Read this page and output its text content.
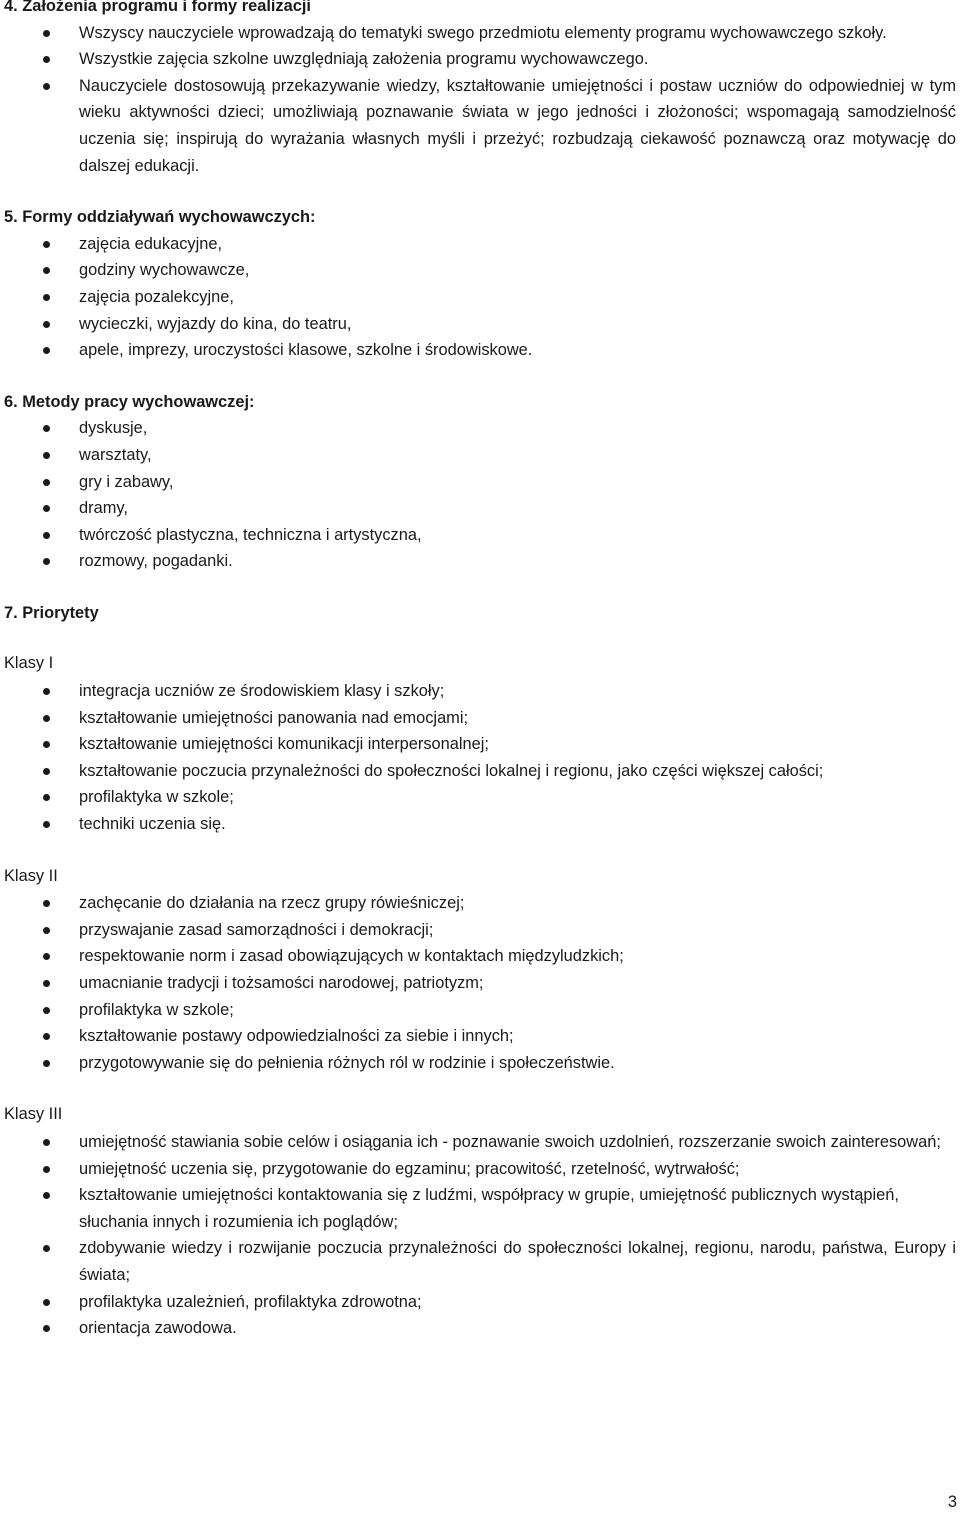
4. Założenia programu i formy realizacji
Wszyscy nauczyciele wprowadzają do tematyki swego przedmiotu elementy programu wychowawczego szkoły.
Wszystkie zajęcia szkolne uwzględniają założenia programu wychowawczego.
Nauczyciele dostosowują przekazywanie wiedzy, kształtowanie umiejętności i postaw uczniów do odpowiedniej w tym wieku aktywności dzieci; umożliwiają poznawanie świata w jego jedności i złożoności; wspomagają samodzielność uczenia się; inspirują do wyrażania własnych myśli i przeżyć; rozbudzają ciekawość poznawczą oraz motywację do dalszej edukacji.
5. Formy oddziaływań wychowawczych:
zajęcia edukacyjne,
godziny wychowawcze,
zajęcia pozalekcyjne,
wycieczki, wyjazdy do kina, do teatru,
apele, imprezy, uroczystości klasowe, szkolne i środowiskowe.
6. Metody pracy wychowawczej:
dyskusje,
warsztaty,
gry i zabawy,
dramy,
twórczość plastyczna, techniczna i artystyczna,
rozmowy, pogadanki.
7. Priorytety
Klasy I
integracja uczniów ze środowiskiem klasy i szkoły;
kształtowanie umiejętności panowania nad emocjami;
kształtowanie umiejętności komunikacji interpersonalnej;
kształtowanie poczucia przynależności do społeczności lokalnej i regionu, jako części większej całości;
profilaktyka w szkole;
techniki uczenia się.
Klasy II
zachęcanie do działania na rzecz grupy rówieśniczej;
przyswajanie zasad samorządności i demokracji;
respektowanie norm i zasad obowiązujących w kontaktach międzyludzkich;
umacnianie tradycji i tożsamości narodowej, patriotyzm;
profilaktyka w szkole;
kształtowanie postawy odpowiedzialności za siebie i innych;
przygotowywanie się do pełnienia różnych ról w rodzinie i społeczeństwie.
Klasy III
umiejętność stawiania sobie celów i osiągania ich - poznawanie swoich uzdolnień, rozszerzanie swoich zainteresowań;
umiejętność uczenia się, przygotowanie do egzaminu; pracowitość, rzetelność, wytrwałość;
kształtowanie umiejętności kontaktowania się z ludźmi, współpracy w grupie, umiejętność publicznych wystąpień, słuchania innych i rozumienia ich poglądów;
zdobywanie wiedzy i rozwijanie poczucia przynależności do społeczności lokalnej, regionu, narodu, państwa, Europy i świata;
profilaktyka uzależnień, profilaktyka zdrowotna;
orientacja zawodowa.
3
